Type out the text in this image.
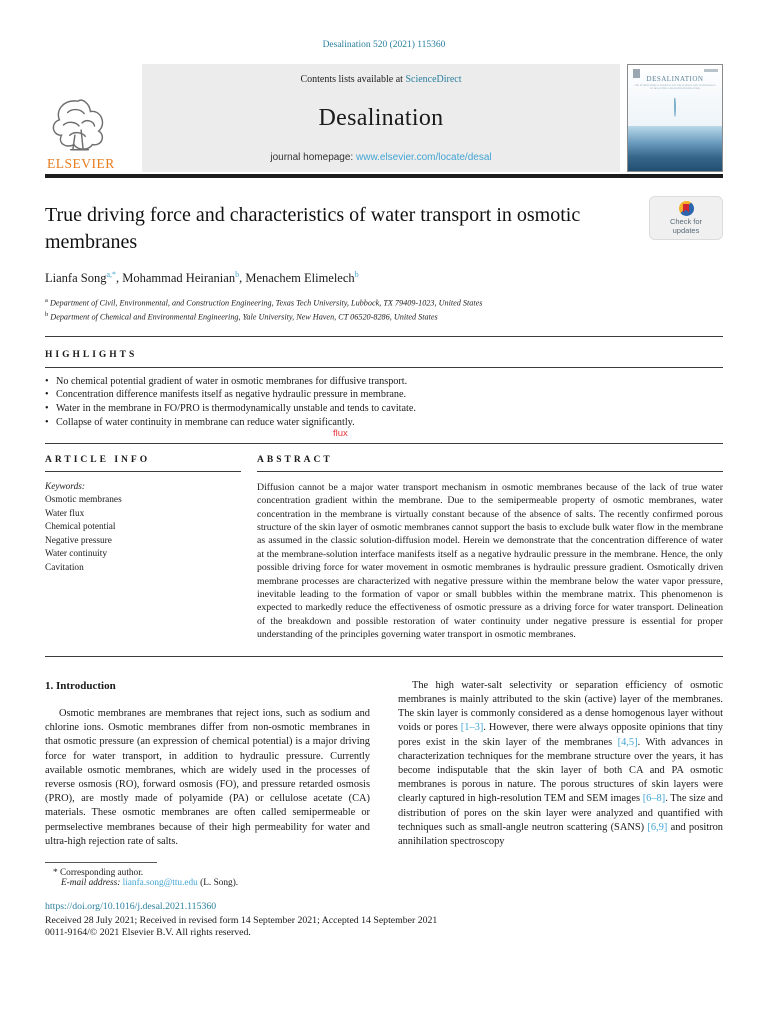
Desalination 520 (2021) 115360
ELSEVIER
Contents lists available at ScienceDirect
Desalination
journal homepage: www.elsevier.com/locate/desal
DESALINATION
THE INTERNATIONAL JOURNAL ON THE SCIENCE AND TECHNOLOGY OF DESALTING AND WATER PURIFICATION
True driving force and characteristics of water transport in osmotic membranes
Check for updates
Lianfa Song$^{a,*}$, Mohammad Heiranian$^b$, Menachem Elimelech$^b$
$^a$ Department of Civil, Environmental, and Construction Engineering, Texas Tech University, Lubbock, TX 79409-1023, United States
$^b$ Department of Chemical and Environmental Engineering, Yale University, New Haven, CT 06520-8286, United States
HIGHLIGHTS
• No chemical potential gradient of water in osmotic membranes for diffusive transport.
• Concentration difference manifests itself as negative hydraulic pressure in membrane.
• Water in the membrane in FO/PRO is thermodynamically unstable and tends to cavitate.
• Collapse of water continuity in membrane can reduce water significantly.
flux
ARTICLE INFO
Keywords:
Osmotic membranes
Water flux
Chemical potential
Negative pressure
Water continuity
Cavitation
ABSTRACT

Diffusion cannot be a major water transport mechanism in osmotic membranes because of the lack of true water concentration gradient within the membrane. Due to the semipermeable property of osmotic membranes, water concentration in the membrane is virtually constant because of the absence of salts. The recently confirmed porous structure of the skin layer of osmotic membranes cannot support the basis to exclude bulk water flow in the membrane as assumed in the classic solution-diffusion model. Herein we demonstrate that the concentration difference of water at the membrane-solution interface manifests itself as a negative hydraulic pressure in the membrane. Hence, the only possible driving force for water movement in osmotic membranes is hydraulic pressure gradient. Osmotically driven membrane processes are characterized with negative pressure within the membrane below the water vapor pressure, inevitable leading to the formation of vapor or small bubbles within the membrane matrix. This phenomenon is expected to markedly reduce the effectiveness of osmotic pressure as a driving force for water transport. Delineation of the breakdown and possible restoration of water continuity under negative pressure is essential for proper understanding of the principles governing water transport in osmotic membranes.

1. Introduction

Osmotic membranes are membranes that reject ions, such as sodium and chlorine ions. Osmotic membranes differ from non-osmotic membranes in that osmotic pressure (an expression of chemical potential) is a major driving force for water transport, in addition to hydraulic pressure. Currently available osmotic membranes, which are widely used in the processes of reverse osmosis (RO), forward osmosis (FO), and pressure retarded osmosis (PRO), are mostly made of polyamide (PA) or cellulose acetate (CA) materials. These osmotic membranes are often called semipermeable or permselective membranes because of their high permeability for water and ultra-high rejection rate of salts.

The high water-salt selectivity or separation efficiency of osmotic membranes is mainly attributed to the skin (active) layer of the membranes. The skin layer is commonly considered as a dense homogenous layer without voids or pores [1–3]. However, there were always opposite opinions that tiny pores exist in the skin layer of the membranes [4,5]. With advances in characterization techniques for the membrane structure over the years, it has become indisputable that the skin layer of both CA and PA osmotic membranes is porous in nature. The porous structures of skin layers were clearly captured in high-resolution TEM and SEM images [6–8]. The size and distribution of pores on the skin layer were analyzed and quantified with techniques such as small-angle neutron scattering (SANS) [6,9] and positron annihilation spectroscopy

* Corresponding author.
E-mail address: lianfa.song@ttu.edu (L. Song).
https://doi.org/10.1016/j.desal.2021.115360
Received 28 July 2021; Received in revised form 14 September 2021; Accepted 14 September 2021
0011-9164/© 2021 Elsevier B.V. All rights reserved.
